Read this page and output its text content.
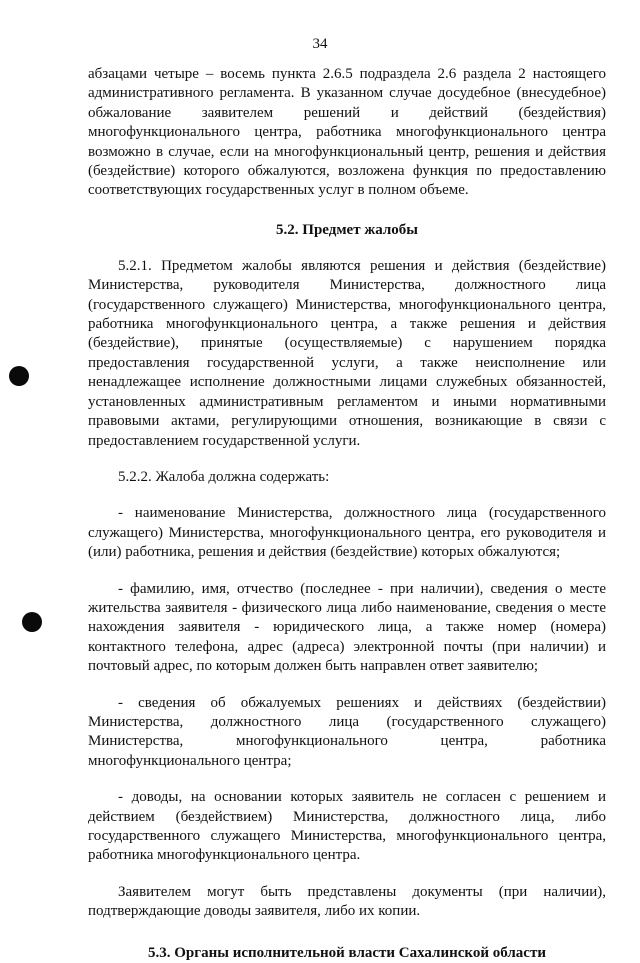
34

абзацами четыре – восемь пункта 2.6.5 подраздела 2.6 раздела 2 настоящего административного регламента. В указанном случае досудебное (внесудебное) обжалование заявителем решений и действий (бездействия) многофункционального центра, работника многофункционального центра возможно в случае, если на многофункциональный центр, решения и действия (бездействие) которого обжалуются, возложена функция по предоставлению соответствующих государственных услуг в полном объеме.

5.2. Предмет жалобы

5.2.1. Предметом жалобы являются решения и действия (бездействие) Министерства, руководителя Министерства, должностного лица (государственного служащего) Министерства, многофункционального центра, работника многофункционального центра, а также решения и действия (бездействие), принятые (осуществляемые) с нарушением порядка предоставления государственной услуги, а также неисполнение или ненадлежащее исполнение должностными лицами служебных обязанностей, установленных административным регламентом и иными нормативными правовыми актами, регулирующими отношения, возникающие в связи с предоставлением государственной услуги.

5.2.2. Жалоба должна содержать:

- наименование Министерства, должностного лица (государственного служащего) Министерства, многофункционального центра, его руководителя и (или) работника, решения и действия (бездействие) которых обжалуются;

- фамилию, имя, отчество (последнее - при наличии), сведения о месте жительства заявителя - физического лица либо наименование, сведения о месте нахождения заявителя - юридического лица, а также номер (номера) контактного телефона, адрес (адреса) электронной почты (при наличии) и почтовый адрес, по которым должен быть направлен ответ заявителю;

- сведения об обжалуемых решениях и действиях (бездействии) Министерства, должностного лица (государственного служащего) Министерства, многофункционального центра, работника многофункционального центра;

- доводы, на основании которых заявитель не согласен с решением и действием (бездействием) Министерства, должностного лица, либо государственного служащего Министерства, многофункционального центра, работника многофункционального центра.

Заявителем могут быть представлены документы (при наличии), подтверждающие доводы заявителя, либо их копии.

5.3. Органы исполнительной власти Сахалинской области
